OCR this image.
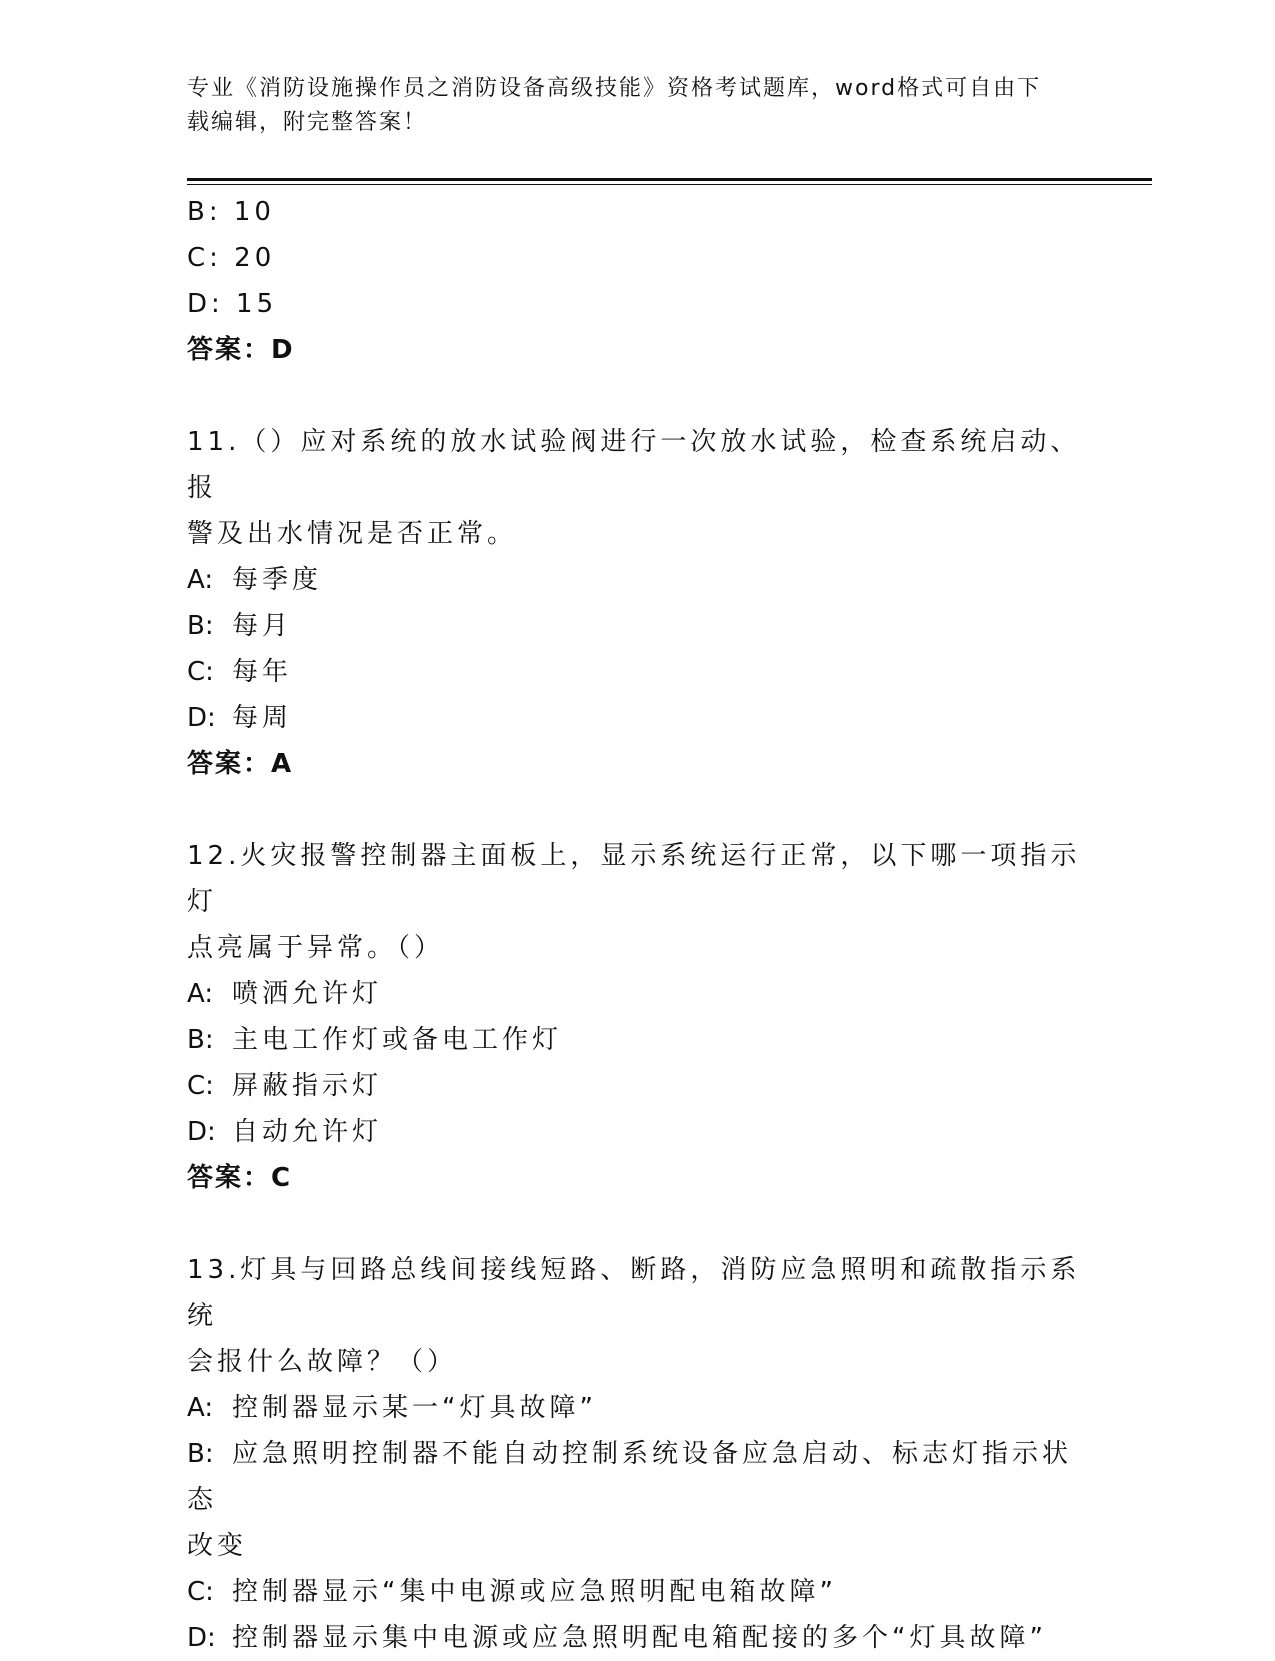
专业《消防设施操作员之消防设备高级技能》资格考试题库，word格式可自由下
载编辑，附完整答案！
B: 10
C: 20
D: 15
答案：D
11.（）应对系统的放水试验阀进行一次放水试验，检查系统启动、报
警及出水情况是否正常。
A: 每季度
B: 每月
C: 每年
D: 每周
答案：A
12.火灾报警控制器主面板上，显示系统运行正常，以下哪一项指示灯
点亮属于异常。（）
A: 喷洒允许灯
B: 主电工作灯或备电工作灯
C: 屏蔽指示灯
D: 自动允许灯
答案：C
13.灯具与回路总线间接线短路、断路，消防应急照明和疏散指示系统
会报什么故障？（）
A: 控制器显示某一“灯具故障”
B: 应急照明控制器不能自动控制系统设备应急启动、标志灯指示状态
改变
C: 控制器显示“集中电源或应急照明配电箱故障”
D: 控制器显示集中电源或应急照明配电箱配接的多个“灯具故障”
